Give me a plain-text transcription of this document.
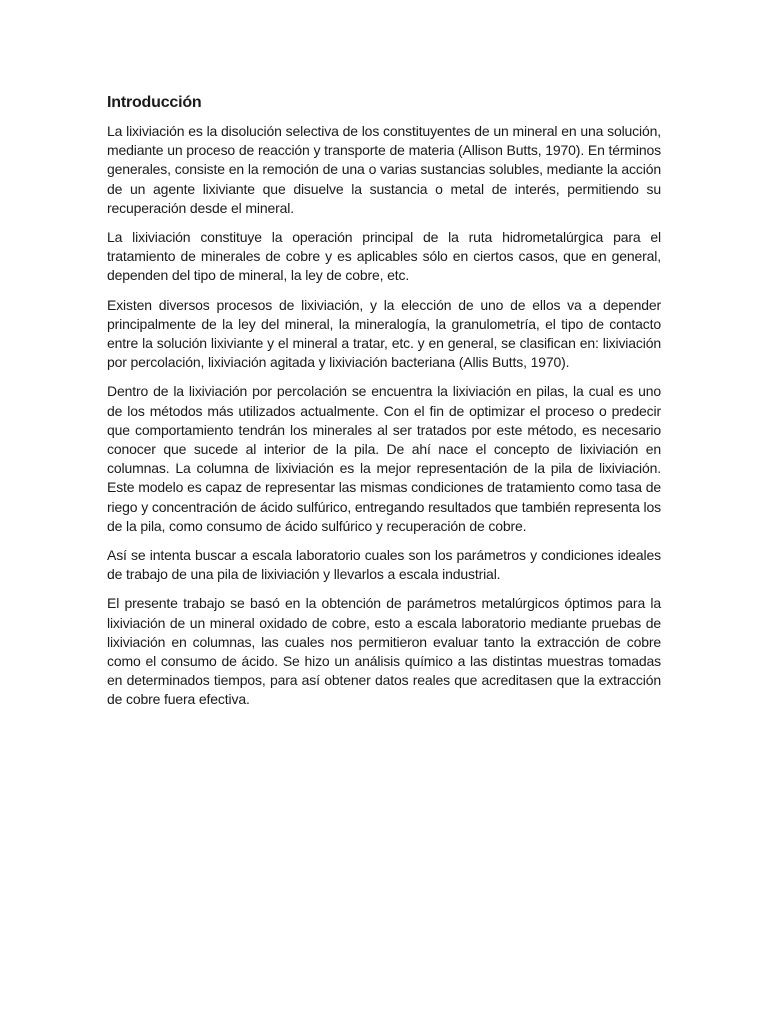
Introducción

La lixiviación es la disolución selectiva de los constituyentes de un mineral en una solución, mediante un proceso de reacción y transporte de materia (Allison Butts, 1970). En términos generales, consiste en la remoción de una o varias sustancias solubles, mediante la acción de un agente lixiviante que disuelve la sustancia o metal de interés, permitiendo su recuperación desde el mineral.

La lixiviación constituye la operación principal de la ruta hidrometalúrgica para el tratamiento de minerales de cobre y es aplicables sólo en ciertos casos, que en general, dependen del tipo de mineral, la ley de cobre, etc.

Existen diversos procesos de lixiviación, y la elección de uno de ellos va a depender principalmente de la ley del mineral, la mineralogía, la granulometría, el tipo de contacto entre la solución lixiviante y el mineral a tratar, etc. y en general, se clasifican en: lixiviación por percolación, lixiviación agitada y lixiviación bacteriana (Allis Butts, 1970).

Dentro de la lixiviación por percolación se encuentra la lixiviación en pilas, la cual es uno de los métodos más utilizados actualmente. Con el fin de optimizar el proceso o predecir que comportamiento tendrán los minerales al ser tratados por este método, es necesario conocer que sucede al interior de la pila. De ahí nace el concepto de lixiviación en columnas. La columna de lixiviación es la mejor representación de la pila de lixiviación. Este modelo es capaz de representar las mismas condiciones de tratamiento como tasa de riego y concentración de ácido sulfúrico, entregando resultados que también representa los de la pila, como consumo de ácido sulfúrico y recuperación de cobre.

Así se intenta buscar a escala laboratorio cuales son los parámetros y condiciones ideales de trabajo de una pila de lixiviación y llevarlos a escala industrial.

El presente trabajo se basó en la obtención de parámetros metalúrgicos óptimos para la lixiviación de un mineral oxidado de cobre, esto a escala laboratorio mediante pruebas de lixiviación en columnas, las cuales nos permitieron evaluar tanto la extracción de cobre como el consumo de ácido. Se hizo un análisis químico a las distintas muestras tomadas en determinados tiempos, para así obtener datos reales que acreditasen que la extracción de cobre fuera efectiva.
